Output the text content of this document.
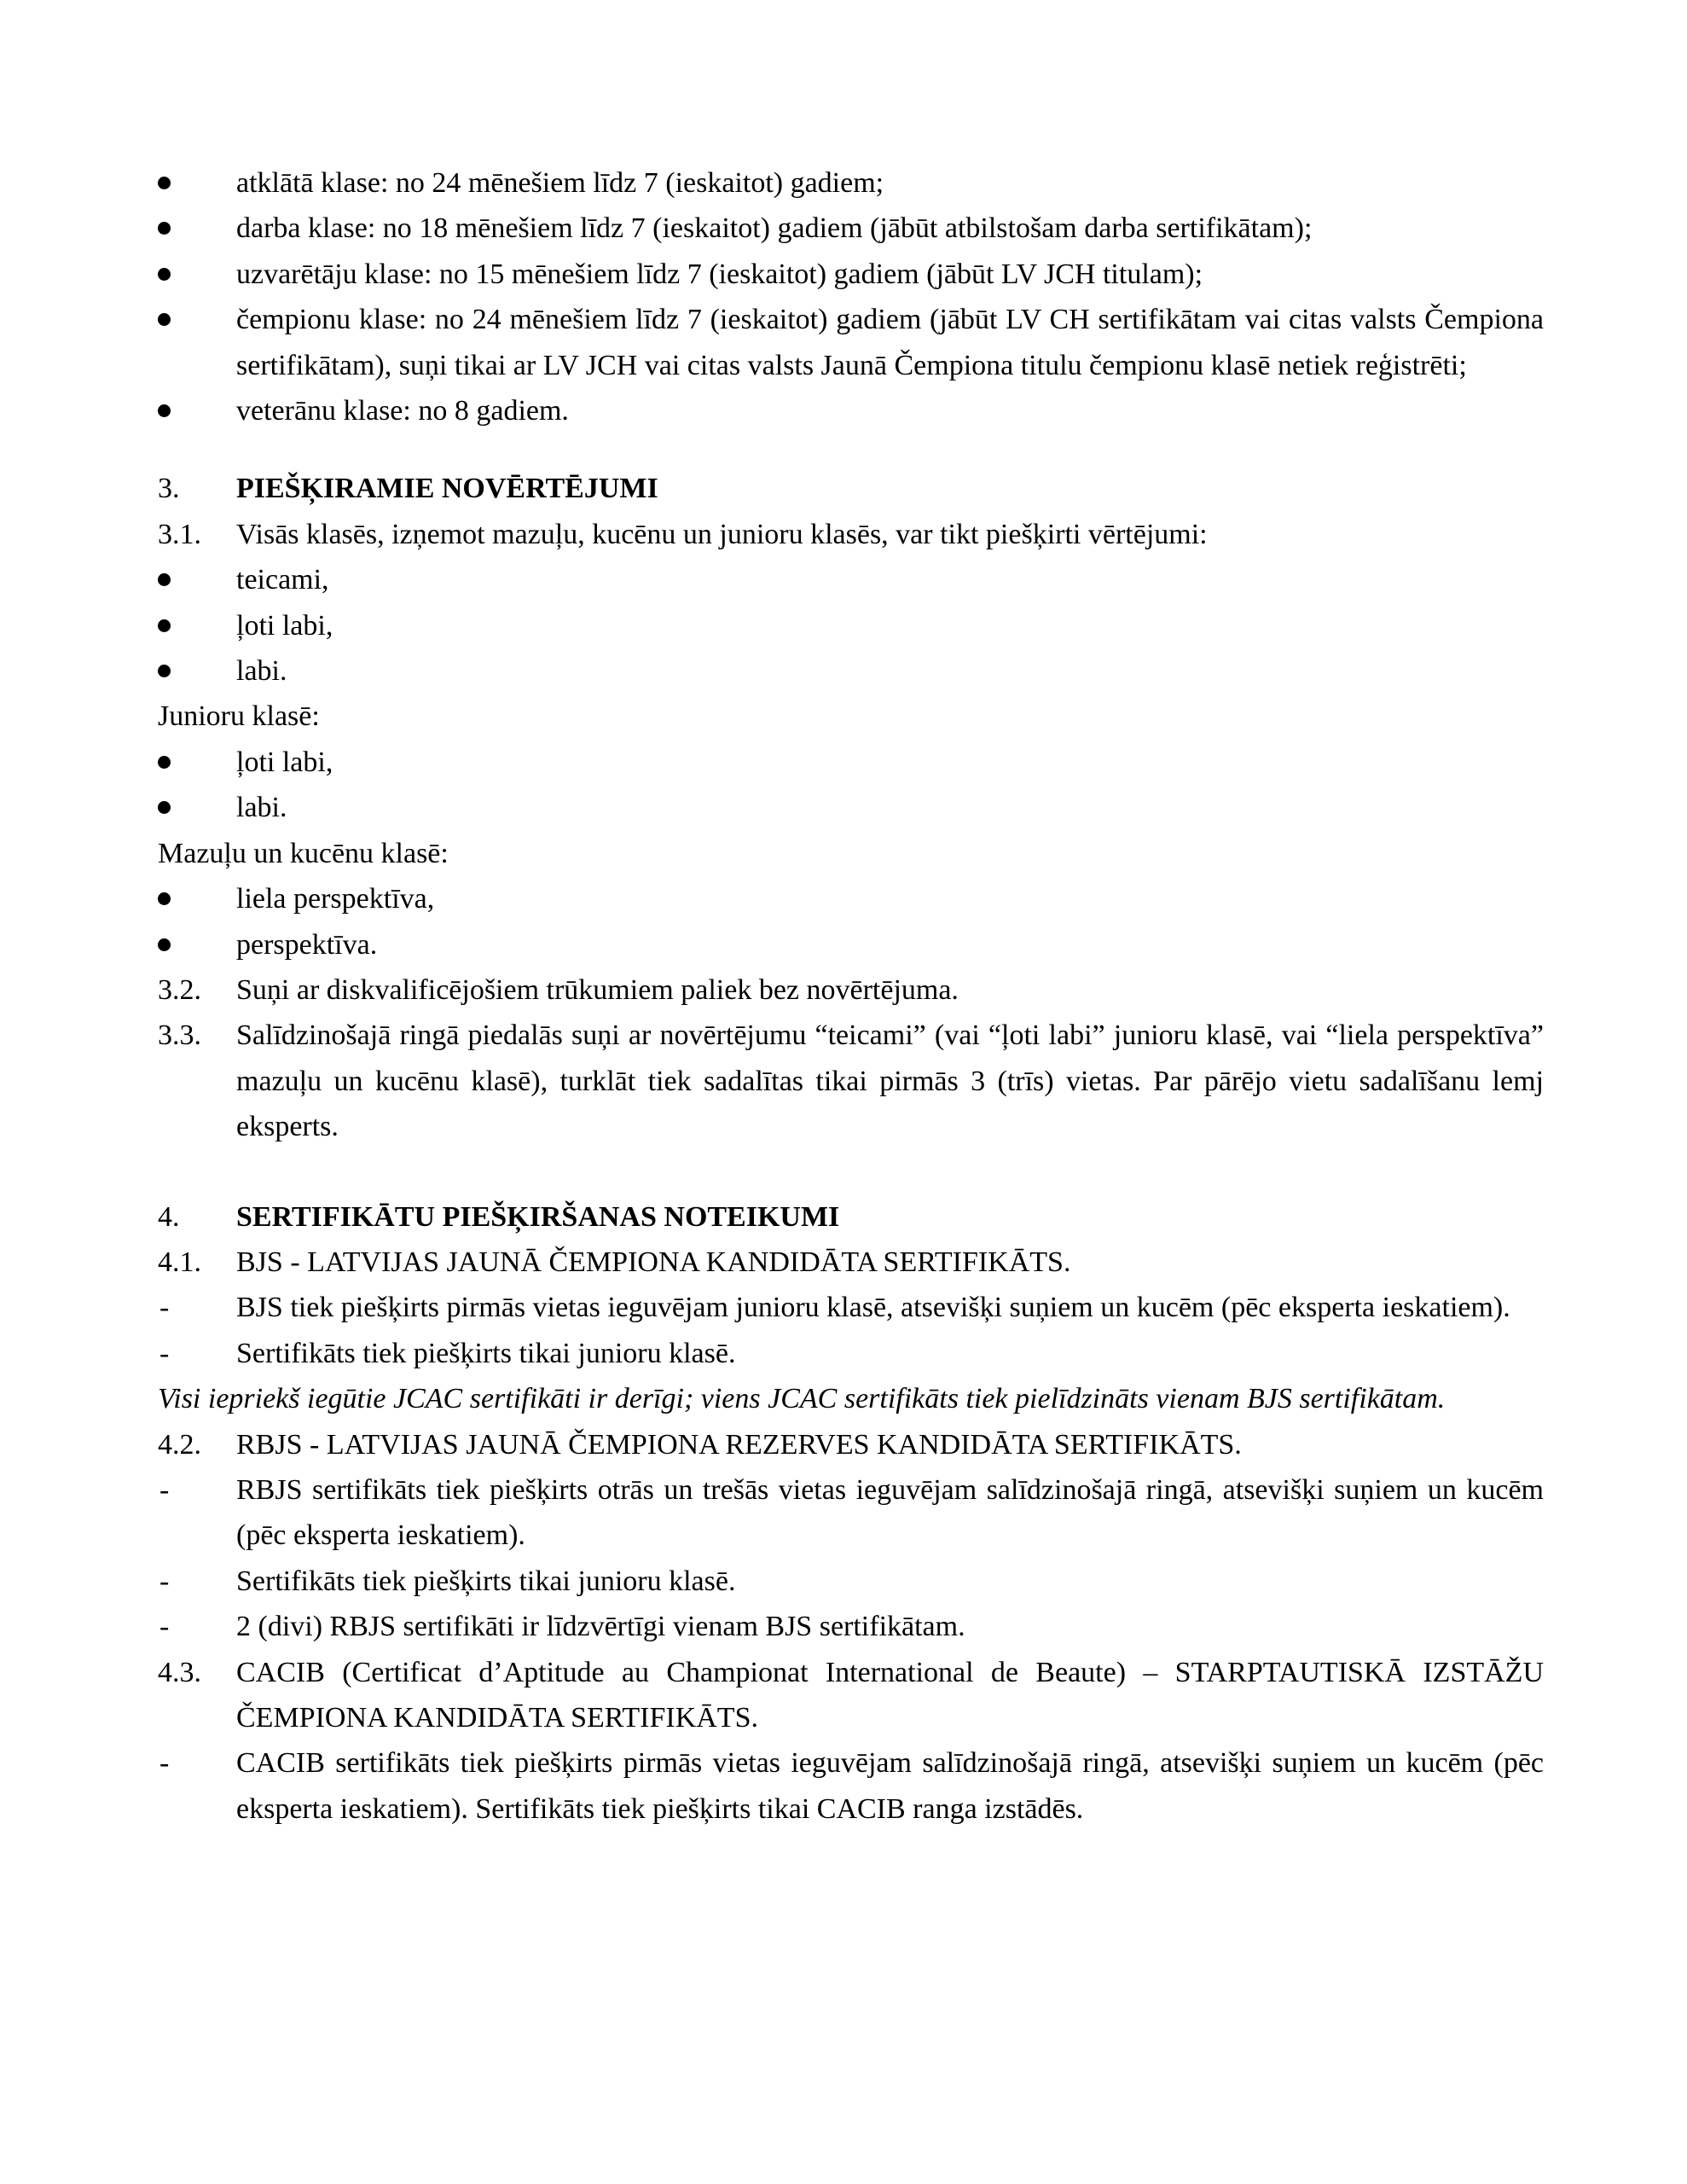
atklātā klase: no 24 mēnešiem līdz 7 (ieskaitot) gadiem;
darba klase: no 18 mēnešiem līdz 7 (ieskaitot) gadiem (jābūt atbilstošam darba sertifikātam);
uzvarētāju klase: no 15 mēnešiem līdz 7 (ieskaitot) gadiem (jābūt LV JCH titulam);
čempionu klase: no 24 mēnešiem līdz 7 (ieskaitot) gadiem (jābūt LV CH sertifikātam vai citas valsts Čempiona sertifikātam), suņi tikai ar LV JCH vai citas valsts Jaunā Čempiona titulu čempionu klasē netiek reģistrēti;
veterānu klase: no 8 gadiem.
3. PIEŠĶIRAMIE NOVĒRTĒJUMI
3.1. Visās klasēs, izņemot mazuļu, kucēnu un junioru klasēs, var tikt piešķirti vērtējumi:
teicami,
ļoti labi,
labi.
Junioru klasē:
ļoti labi,
labi.
Mazuļu un kucēnu klasē:
liela perspektīva,
perspektīva.
3.2. Suņi ar diskvalificējošiem trūkumiem paliek bez novērtējuma.
3.3. Salīdzinošajā ringā piedalās suņi ar novērtējumu “teicami” (vai “ļoti labi” junioru klasē, vai “liela perspektīva” mazuļu un kucēnu klasē), turklāt tiek sadalītas tikai pirmās 3 (trīs) vietas. Par pārējo vietu sadalīšanu lemj eksperts.
4. SERTIFIKĀTU PIEŠĶIRŠANAS NOTEIKUMI
4.1. BJS - LATVIJAS JAUNĀ ČEMPIONA KANDIDĀTA SERTIFIKĀTS.
- BJS tiek piešķirts pirmās vietas ieguvējam junioru klasē, atsevišķi suņiem un kucēm (pēc eksperta ieskatiem).
- Sertifikāts tiek piešķirts tikai junioru klasē.
Visi iepriekš iegūtie JCAC sertifikāti ir derīgi; viens JCAC sertifikāts tiek pielīdzināts vienam BJS sertifikātam.
4.2. RBJS - LATVIJAS JAUNĀ ČEMPIONA REZERVES KANDIDĀTA SERTIFIKĀTS.
- RBJS sertifikāts tiek piešķirts otrās un trešās vietas ieguvējam salīdzinošajā ringā, atsevišķi suņiem un kucēm (pēc eksperta ieskatiem).
- Sertifikāts tiek piešķirts tikai junioru klasē.
- 2 (divi) RBJS sertifikāti ir līdzvērtīgi vienam BJS sertifikātam.
4.3. CACIB (Certificat d’Aptitude au Championat International de Beaute) – STARPTAUTISKĀ IZSTĀŽU ČEMPIONA KANDIDĀTA SERTIFIKĀTS.
- CACIB sertifikāts tiek piešķirts pirmās vietas ieguvējam salīdzinošajā ringā, atsevišķi suņiem un kucēm (pēc eksperta ieskatiem). Sertifikāts tiek piešķirts tikai CACIB ranga izstādēs.
